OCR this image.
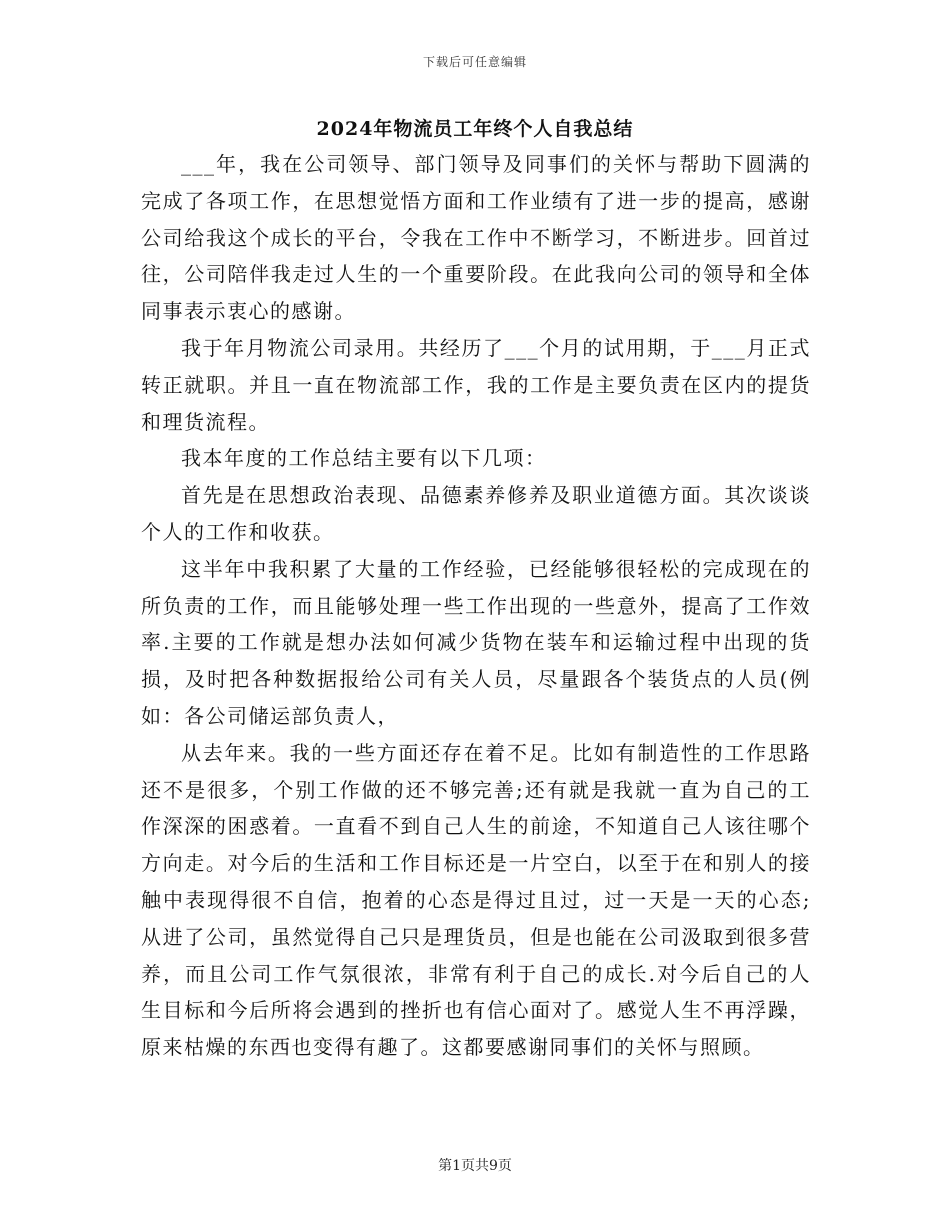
下载后可任意编辑
2024年物流员工年终个人自我总结

___年，我在公司领导、部门领导及同事们的关怀与帮助下圆满的完成了各项工作，在思想觉悟方面和工作业绩有了进一步的提高，感谢公司给我这个成长的平台，令我在工作中不断学习，不断进步。回首过往，公司陪伴我走过人生的一个重要阶段。在此我向公司的领导和全体同事表示衷心的感谢。

我于年月物流公司录用。共经历了___个月的试用期，于___月正式转正就职。并且一直在物流部工作，我的工作是主要负责在区内的提货和理货流程。

我本年度的工作总结主要有以下几项：

首先是在思想政治表现、品德素养修养及职业道德方面。其次谈谈个人的工作和收获。

这半年中我积累了大量的工作经验，已经能够很轻松的完成现在的所负责的工作，而且能够处理一些工作出现的一些意外，提高了工作效率.主要的工作就是想办法如何减少货物在装车和运输过程中出现的货损，及时把各种数据报给公司有关人员，尽量跟各个装货点的人员(例如：各公司储运部负责人，

从去年来。我的一些方面还存在着不足。比如有制造性的工作思路还不是很多，个别工作做的还不够完善;还有就是我就一直为自己的工作深深的困惑着。一直看不到自己人生的前途，不知道自己人该往哪个方向走。对今后的生活和工作目标还是一片空白，以至于在和别人的接触中表现得很不自信，抱着的心态是得过且过，过一天是一天的心态;从进了公司，虽然觉得自己只是理货员，但是也能在公司汲取到很多营养，而且公司工作气氛很浓，非常有利于自己的成长.对今后自己的人生目标和今后所将会遇到的挫折也有信心面对了。感觉人生不再浮躁，原来枯燥的东西也变得有趣了。这都要感谢同事们的关怀与照顾。

第1页共9页
